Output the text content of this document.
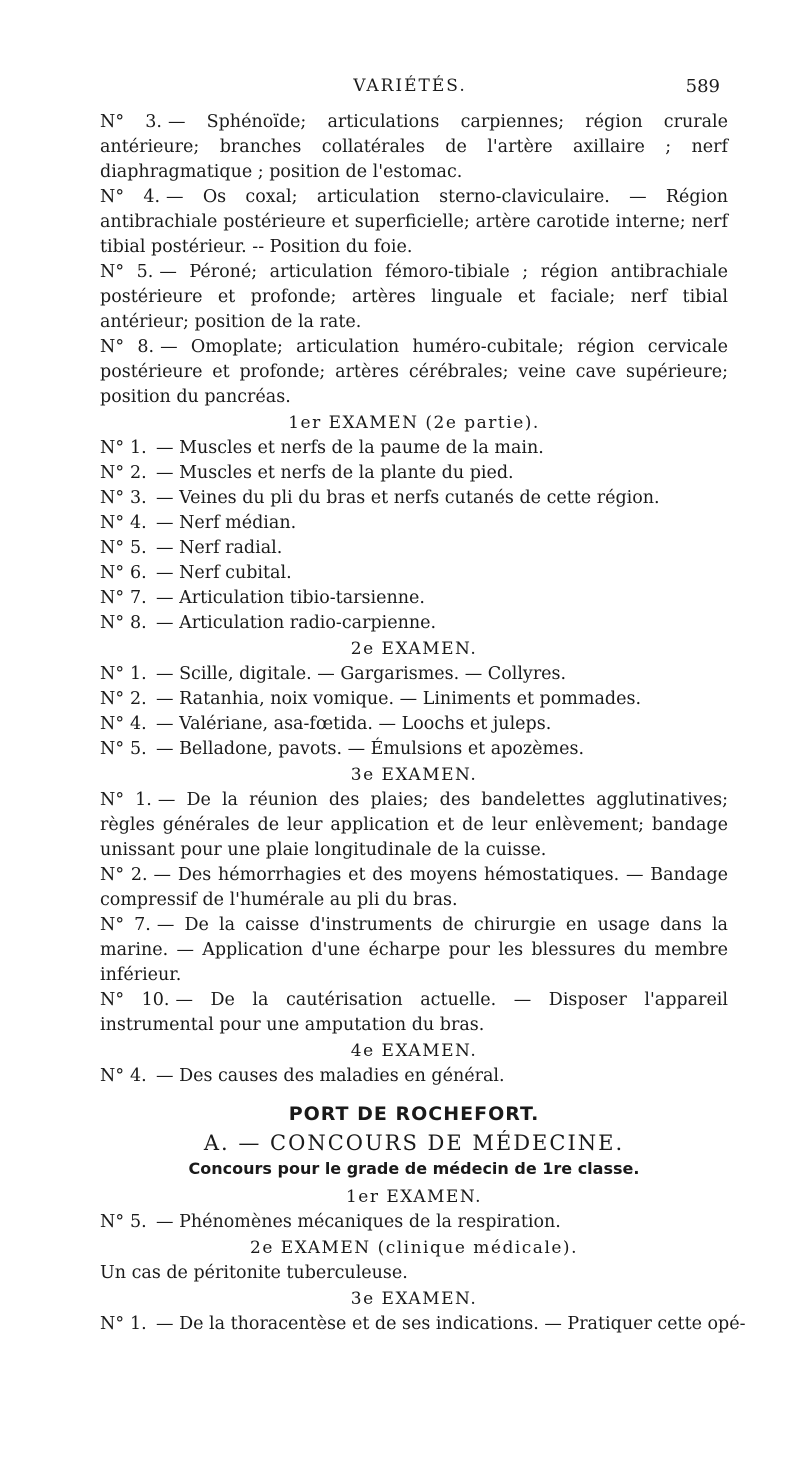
VARIÉTÉS.	589

N° 3. — Sphénoïde; articulations carpiennes; région crurale antérieure; branches collatérales de l'artère axillaire ; nerf diaphragmatique ; position de l'estomac.

N° 4. — Os coxal; articulation sterno-claviculaire. — Région antibrachiale postérieure et superficielle; artère carotide interne; nerf tibial postérieur. -- Position du foie.

N° 5. — Péroné; articulation fémoro-tibiale ; région antibrachiale postérieure et profonde; artères linguale et faciale; nerf tibial antérieur; position de la rate.

N° 8. — Omoplate; articulation huméro-cubitale; région cervicale postérieure et profonde; artères cérébrales; veine cave supérieure; position du pancréas.

1er EXAMEN (2e partie).

N° 1. — Muscles et nerfs de la paume de la main.

N° 2. — Muscles et nerfs de la plante du pied.

N° 3. — Veines du pli du bras et nerfs cutanés de cette région.

N° 4. — Nerf médian.

N° 5. — Nerf radial.

N° 6. — Nerf cubital.

N° 7. — Articulation tibio-tarsienne.

N° 8. — Articulation radio-carpienne.

2e EXAMEN.

N° 1. — Scille, digitale. — Gargarismes. — Collyres.

N° 2. — Ratanhia, noix vomique. — Liniments et pommades.

N° 4. — Valériane, asa-fœtida. — Loochs et juleps.

N° 5. — Belladone, pavots. — Émulsions et apozèmes.

3e EXAMEN.

N° 1. — De la réunion des plaies; des bandelettes agglutinatives; règles générales de leur application et de leur enlèvement; bandage unissant pour une plaie longitudinale de la cuisse.

N° 2. — Des hémorrhagies et des moyens hémostatiques. — Bandage compressif de l'humérale au pli du bras.

N° 7. — De la caisse d'instruments de chirurgie en usage dans la marine. — Application d'une écharpe pour les blessures du membre inférieur.

N° 10. — De la cautérisation actuelle. — Disposer l'appareil instrumental pour une amputation du bras.

4e EXAMEN.

N° 4. — Des causes des maladies en général.

PORT DE ROCHEFORT.

A. — CONCOURS DE MÉDECINE.

Concours pour le grade de médecin de 1re classe.

1er EXAMEN.

N° 5. — Phénomènes mécaniques de la respiration.

2e EXAMEN (clinique médicale).

Un cas de péritonite tuberculeuse.

3e EXAMEN.

N° 1. — De la thoracentèse et de ses indications. — Pratiquer cette opé-
